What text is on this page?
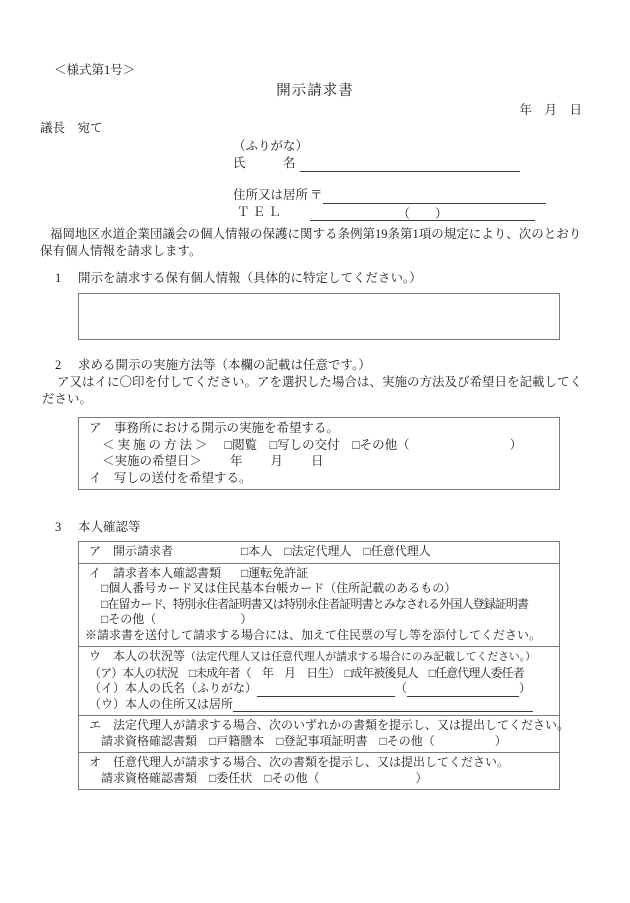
＜様式第1号＞
開示請求書
年　月　日
議長　宛て
（ふりがな）
氏　　　名
住所又は居所 〒
Ｔ Ｅ Ｌ	（　　）
福岡地区水道企業団議会の個人情報の保護に関する条例第19条第1項の規定により、次のとおり保有個人情報を請求します。
1 開示を請求する保有個人情報（具体的に特定してください。）
2 求める開示の実施方法等（本欄の記載は任意です。）
ア又はイに〇印を付してください。アを選択した場合は、実施の方法及び希望日を記載してください。
ア　事務所における開示の実施を希望する。
＜実施の方法＞ □閲覧　□写しの交付　□その他（　　　　　　　　）
＜実施の希望日＞ 年　　月　　日
イ　写しの送付を希望する。
3 本人確認等
ア　開示請求者	□本人　□法定代理人　□任意代理人
イ　請求者本人確認書類 □運転免許証
□個人番号カード又は住民基本台帳カード（住所記載のあるもの）
□在留カード、特別永住者証明書又は特別永住者証明書とみなされる外国人登録証明書
□その他（　　　　　　　）
※請求書を送付して請求する場合には、加えて住民票の写し等を添付してください。
ウ　本人の状況等（法定代理人又は任意代理人が請求する場合にのみ記載してください。）
（ア）本人の状況　□未成年者（　年　月　日生）　□成年被後見人　□任意代理人委任者
（イ）本人の氏名（ふりがな）	（	）
（ウ）本人の住所又は居所
エ　法定代理人が請求する場合、次のいずれかの書類を提示し、又は提出してください。
請求資格確認書類　□戸籍謄本　□登記事項証明書　□その他（　　　　　）
オ　任意代理人が請求する場合、次の書類を提示し、又は提出してください。
請求資格確認書類　□委任状　□その他（　　　　　　　　）
